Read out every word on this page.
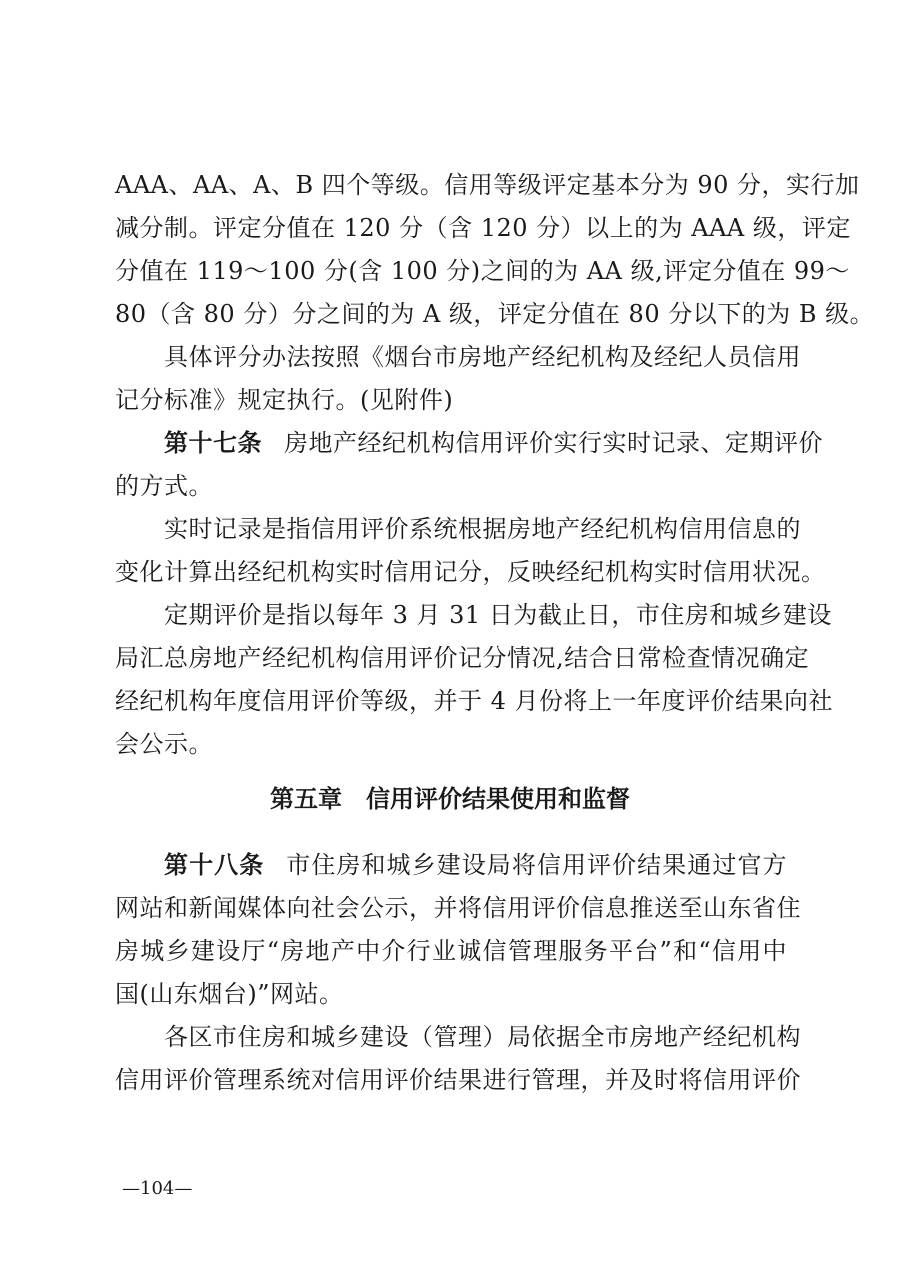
AAA、AA、A、B 四个等级。信用等级评定基本分为 90 分，实行加
减分制。评定分值在 120 分（含 120 分）以上的为 AAA 级，评定
分值在 119～100 分(含 100 分)之间的为 AA 级,评定分值在 99～
80（含 80 分）分之间的为 A 级，评定分值在 80 分以下的为 B 级。
具体评分办法按照《烟台市房地产经纪机构及经纪人员信用
记分标准》规定执行。(见附件)
第十七条 房地产经纪机构信用评价实行实时记录、定期评价
的方式。
实时记录是指信用评价系统根据房地产经纪机构信用信息的
变化计算出经纪机构实时信用记分，反映经纪机构实时信用状况。
定期评价是指以每年 3 月 31 日为截止日，市住房和城乡建设
局汇总房地产经纪机构信用评价记分情况,结合日常检查情况确定
经纪机构年度信用评价等级，并于 4 月份将上一年度评价结果向社
会公示。
第五章 信用评价结果使用和监督
第十八条 市住房和城乡建设局将信用评价结果通过官方
网站和新闻媒体向社会公示，并将信用评价信息推送至山东省住
房城乡建设厅“房地产中介行业诚信管理服务平台”和“信用中
国(山东烟台)”网站。
各区市住房和城乡建设（管理）局依据全市房地产经纪机构
信用评价管理系统对信用评价结果进行管理，并及时将信用评价
—104—
